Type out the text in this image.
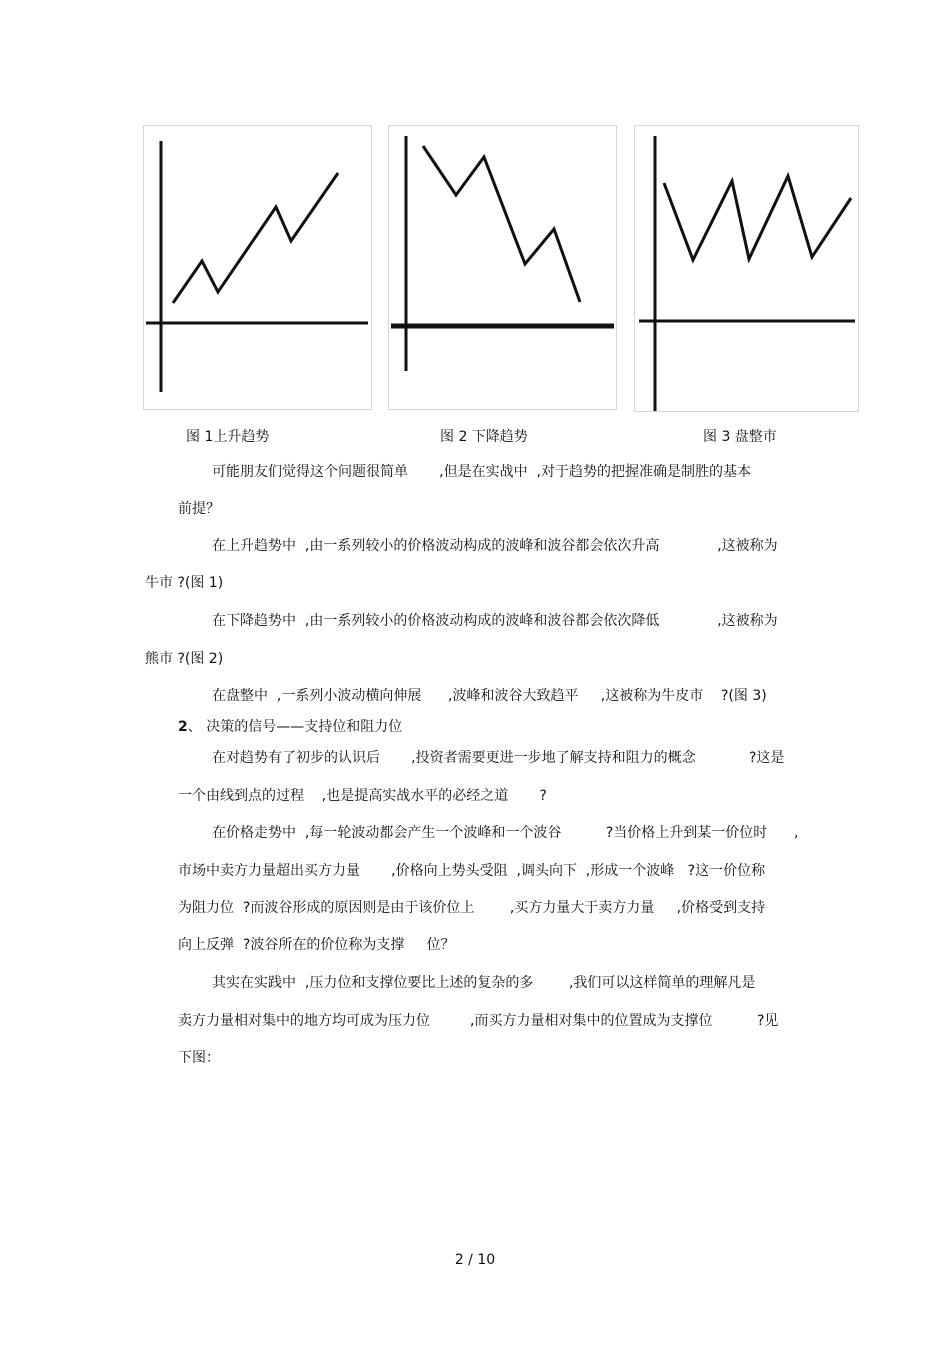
图 1上升趋势	图 2 下降趋势	图 3 盘整市
可能朋友们觉得这个问题很简单       ,但是在实战中  ,对于趋势的把握准确是制胜的基本
前提？
在上升趋势中  ,由一系列较小的价格波动构成的波峰和波谷都会依次升高             ,这被称为
牛市 ?(图 1)
在下降趋势中  ,由一系列较小的价格波动构成的波峰和波谷都会依次降低             ,这被称为
熊市 ?(图 2)
在盘整中  ,一系列小波动横向伸展      ,波峰和波谷大致趋平     ,这被称为牛皮市    ?(图 3)
2、 决策的信号——支持位和阻力位
在对趋势有了初步的认识后       ,投资者需要更进一步地了解支持和阻力的概念            ?这是
一个由线到点的过程    ,也是提高实战水平的必经之道       ?
在价格走势中  ,每一轮波动都会产生一个波峰和一个波谷          ?当价格上升到某一价位时      ,
市场中卖方力量超出买方力量       ,价格向上势头受阻  ,调头向下  ,形成一个波峰   ?这一价位称
为阻力位  ?而波谷形成的原因则是由于该价位上        ,买方力量大于卖方力量     ,价格受到支持
向上反弹  ?波谷所在的价位称为支撑     位？
其实在实践中  ,压力位和支撑位要比上述的复杂的多        ,我们可以这样简单的理解凡是
卖方力量相对集中的地方均可成为压力位         ,而买方力量相对集中的位置成为支撑位          ?见
下图：
2 / 10
